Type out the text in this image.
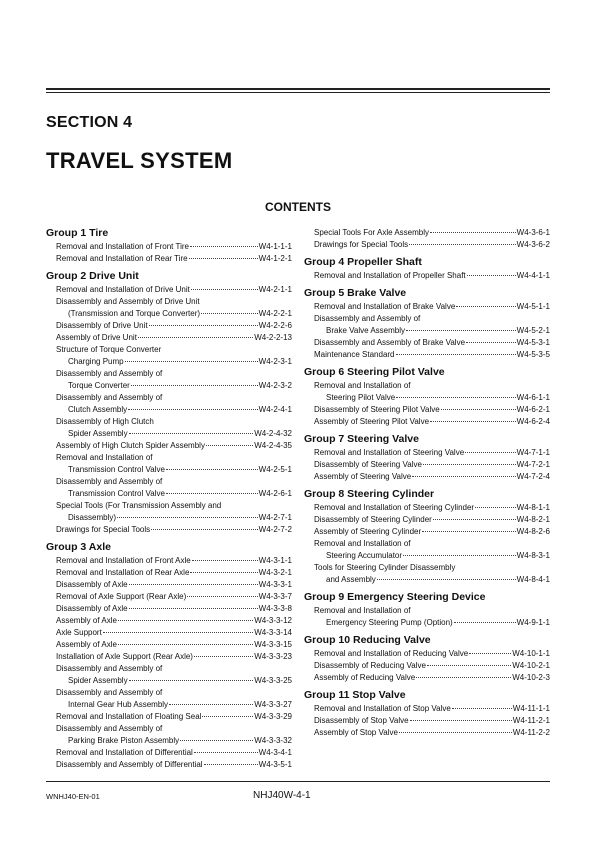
SECTION 4
TRAVEL SYSTEM
CONTENTS
Group 1 Tire
Removal and Installation of Front Tire	W4-1-1-1
Removal and Installation of Rear Tire	W4-1-2-1
Group 2 Drive Unit
Removal and Installation of Drive Unit	W4-2-1-1
Disassembly and Assembly of Drive Unit
(Transmission and Torque Converter)	W4-2-2-1
Disassembly of Drive Unit	W4-2-2-6
Assembly of Drive Unit	W4-2-2-13
Structure of Torque Converter
Charging Pump	W4-2-3-1
Disassembly and Assembly of
Torque Converter	W4-2-3-2
Disassembly and Assembly of
Clutch Assembly	W4-2-4-1
Disassembly of High Clutch
Spider Assembly	W4-2-4-32
Assembly of High Clutch Spider Assembly	W4-2-4-35
Removal and Installation of
Transmission Control Valve	W4-2-5-1
Disassembly and Assembly of
Transmission Control Valve	W4-2-6-1
Special Tools (For Transmission Assembly and
Disassembly)	W4-2-7-1
Drawings for Special Tools	W4-2-7-2
Group 3 Axle
Removal and Installation of Front Axle	W4-3-1-1
Removal and Installation of Rear Axle	W4-3-2-1
Disassembly of Axle	W4-3-3-1
Removal of Axle Support (Rear Axle)	W4-3-3-7
Disassembly of Axle	W4-3-3-8
Assembly of Axle	W4-3-3-12
Axle Support	W4-3-3-14
Assembly of Axle	W4-3-3-15
Installation of Axle Support (Rear Axle)	W4-3-3-23
Disassembly and Assembly of
Spider Assembly	W4-3-3-25
Disassembly and Assembly of
Internal Gear Hub Assembly	W4-3-3-27
Removal and Installation of Floating Seal	W4-3-3-29
Disassembly and Assembly of
Parking Brake Piston Assembly	W4-3-3-32
Removal and Installation of Differential	W4-3-4-1
Disassembly and Assembly of Differential	W4-3-5-1
Special Tools For Axle Assembly	W4-3-6-1
Drawings for Special Tools	W4-3-6-2
Group 4 Propeller Shaft
Removal and Installation of Propeller Shaft	W4-4-1-1
Group 5 Brake Valve
Removal and Installation of Brake Valve	W4-5-1-1
Disassembly and Assembly of
Brake Valve Assembly	W4-5-2-1
Disassembly and Assembly of Brake Valve	W4-5-3-1
Maintenance Standard	W4-5-3-5
Group 6 Steering Pilot Valve
Removal and Installation of
Steering Pilot Valve	W4-6-1-1
Disassembly of Steering Pilot Valve	W4-6-2-1
Assembly of Steering Pilot Valve	W4-6-2-4
Group 7 Steering Valve
Removal and Installation of Steering Valve	W4-7-1-1
Disassembly of Steering Valve	W4-7-2-1
Assembly of Steering Valve	W4-7-2-4
Group 8 Steering Cylinder
Removal and Installation of Steering Cylinder	W4-8-1-1
Disassembly of Steering Cylinder	W4-8-2-1
Assembly of Steering Cylinder	W4-8-2-6
Removal and Installation of
Steering Accumulator	W4-8-3-1
Tools for Steering Cylinder Disassembly
and Assembly	W4-8-4-1
Group 9 Emergency Steering Device
Removal and Installation of
Emergency Steering Pump (Option)	W4-9-1-1
Group 10 Reducing Valve
Removal and Installation of Reducing Valve	W4-10-1-1
Disassembly of Reducing Valve	W4-10-2-1
Assembly of Reducing Valve	W4-10-2-3
Group 11 Stop Valve
Removal and Installation of Stop Valve	W4-11-1-1
Disassembly of Stop Valve	W4-11-2-1
Assembly of Stop Valve	W4-11-2-2
WNHJ40-EN-01	NHJ40W-4-1
